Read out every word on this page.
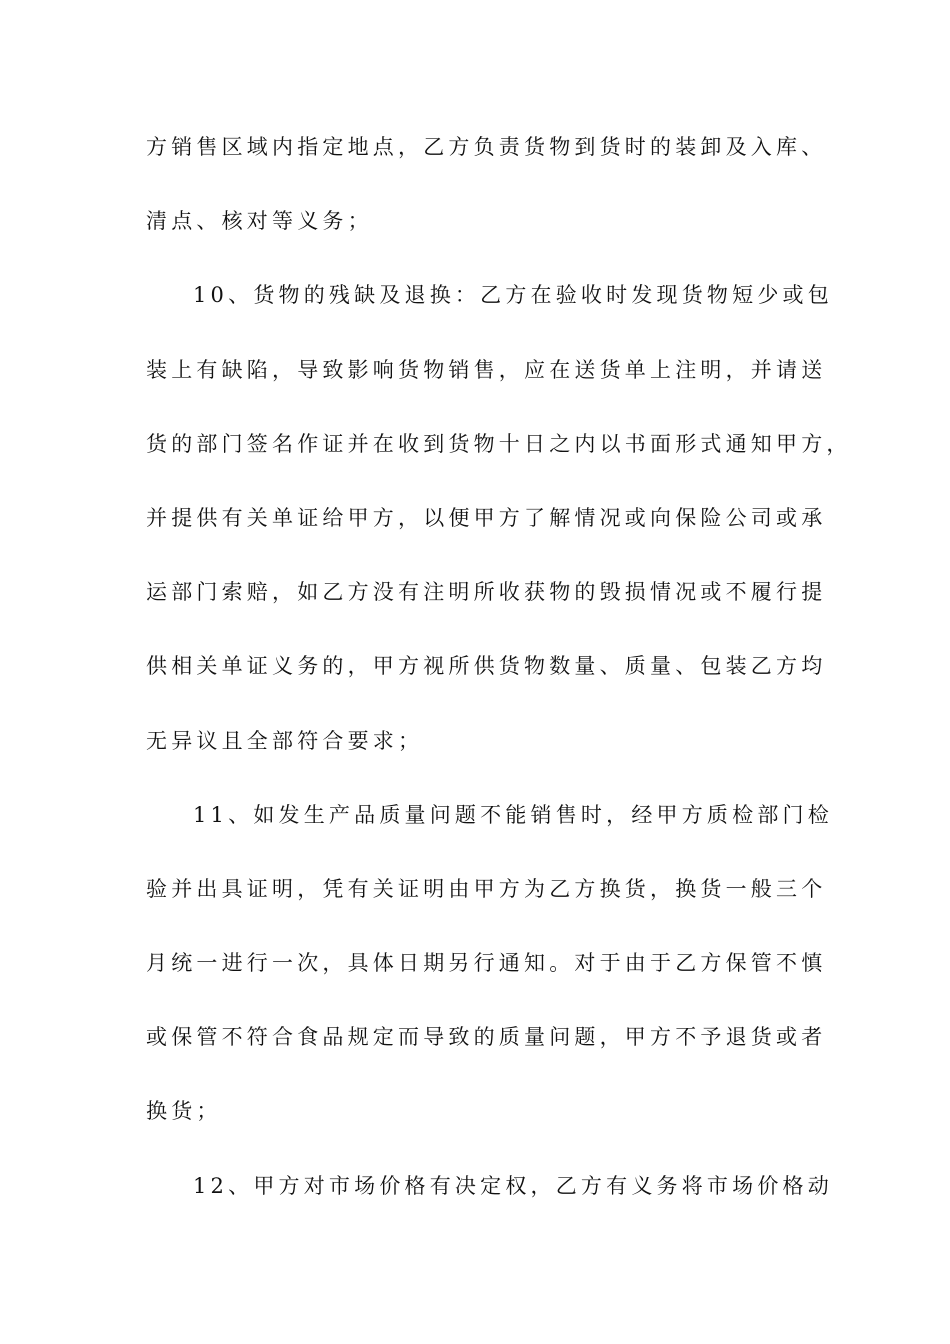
方销售区域内指定地点，乙方负责货物到货时的装卸及入库、
清点、核对等义务；
10、货物的残缺及退换：乙方在验收时发现货物短少或包
装上有缺陷，导致影响货物销售，应在送货单上注明，并请送
货的部门签名作证并在收到货物十日之内以书面形式通知甲方，
并提供有关单证给甲方，以便甲方了解情况或向保险公司或承
运部门索赔，如乙方没有注明所收获物的毁损情况或不履行提
供相关单证义务的，甲方视所供货物数量、质量、包装乙方均
无异议且全部符合要求；
11、如发生产品质量问题不能销售时，经甲方质检部门检
验并出具证明，凭有关证明由甲方为乙方换货，换货一般三个
月统一进行一次，具体日期另行通知。对于由于乙方保管不慎
或保管不符合食品规定而导致的质量问题，甲方不予退货或者
换货；
12、甲方对市场价格有决定权，乙方有义务将市场价格动
